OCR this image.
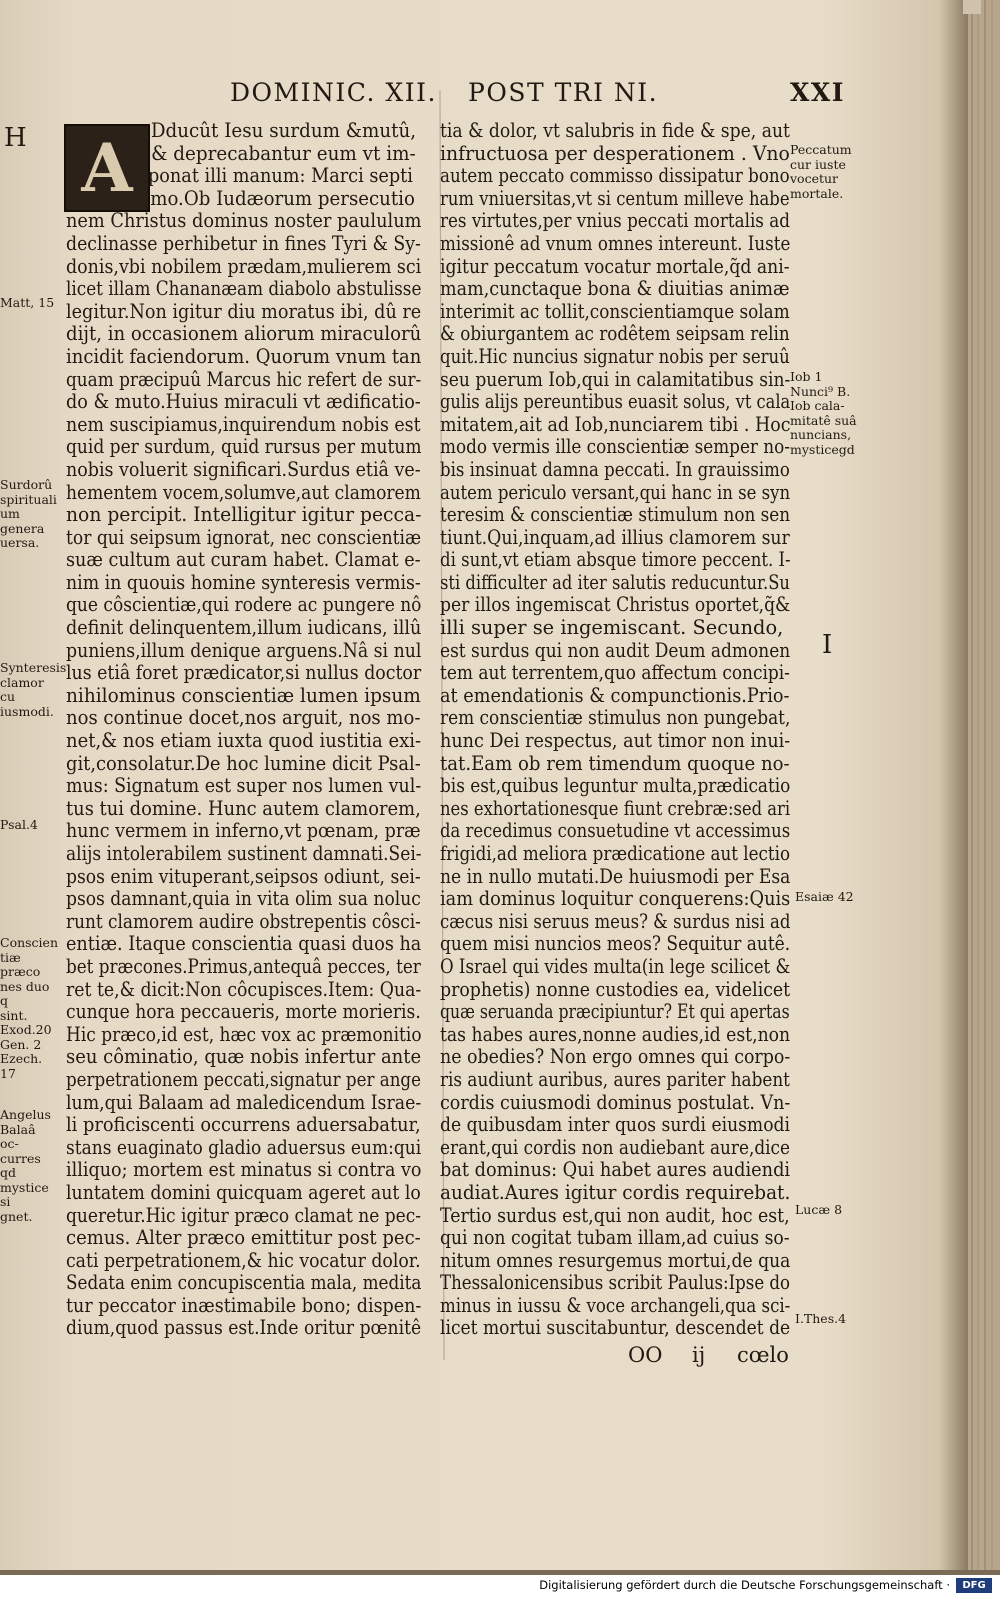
DOMINIC. XII. POST TRI NI.	XXI
H A Dducût Iesu surdum &mutû,
& deprecabantur eum vt im-
ponat illi manum: Marci septi
mo.Ob Iudæorum persecutio
nem Christus dominus noster paululum
declinasse perhibetur in fines Tyri & Sy-
donis,vbi nobilem prædam,mulierem sci
licet illam Chananæam diabolo abstulisse
legitur.Non igitur diu moratus ibi, dû re
dijt, in occasionem aliorum miraculorû
incidit faciendorum. Quorum vnum tan
quam præcipuû Marcus hic refert de sur-
do & muto.Huius miraculi vt ædificatio-
nem suscipiamus,inquirendum nobis est
quid per surdum, quid rursus per mutum
nobis voluerit significari.Surdus etiâ ve-
hementem vocem,solumve,aut clamorem
non percipit. Intelligitur igitur pecca-
tor qui seipsum ignorat, nec conscientiæ
suæ cultum aut curam habet. Clamat e-
nim in quouis homine synteresis vermis-
que côscientiæ,qui rodere ac pungere nô
definit delinquentem,illum iudicans, illû
puniens,illum denique arguens.Nâ si nul
lus etiâ foret prædicator,si nullus doctor
nihilominus conscientiæ lumen ipsum
nos continue docet,nos arguit, nos mo-
net,& nos etiam iuxta quod iustitia exi-
git,consolatur.De hoc lumine dicit Psal-
mus: Signatum est super nos lumen vul-
tus tui domine. Hunc autem clamorem,
hunc vermem in inferno,vt pœnam, præ
alijs intolerabilem sustinent damnati.Sei-
psos enim vituperant,seipsos odiunt, sei-
psos damnant,quia in vita olim sua noluc
runt clamorem audire obstrepentis côsci-
entiæ. Itaque conscientia quasi duos ha
bet præcones.Primus,antequâ pecces, ter
ret te,& dicit:Non côcupisces.Item: Qua-
cunque hora peccaueris, morte morieris.
Hic præco,id est, hæc vox ac præmonitio
seu côminatio, quæ nobis infertur ante
perpetrationem peccati,signatur per ange
lum,qui Balaam ad maledicendum Israe-
li proficiscenti occurrens aduersabatur,
stans euaginato gladio aduersus eum:qui
illiquo; mortem est minatus si contra vo
luntatem domini quicquam ageret aut lo
queretur.Hic igitur præco clamat ne pec-
cemus. Alter præco emittitur post pec-
cati perpetrationem,& hic vocatur dolor.
Sedata enim concupiscentia mala, medita
tur peccator inæstimabile bono; dispen-
dium,quod passus est.Inde oritur pœnitê
tia & dolor, vt salubris in fide & spe, aut
infructuosa per desperationem . Vno
autem peccato commisso dissipatur bono
rum vniuersitas,vt si centum milleve habe
res virtutes,per vnius peccati mortalis ad
missionê ad vnum omnes intereunt. Iuste
igitur peccatum vocatur mortale,q̃d ani-
mam,cunctaque bona & diuitias animæ
interimit ac tollit,conscientiamque solam
& obiurgantem ac rodêtem seipsam relin
quit.Hic nuncius signatur nobis per seruû
seu puerum Iob,qui in calamitatibus sin-
gulis alijs pereuntibus euasit solus, vt cala
mitatem,ait ad Iob,nunciarem tibi . Hoc
modo vermis ille conscientiæ semper no-
bis insinuat damna peccati. In grauissimo
autem periculo versant,qui hanc in se syn
teresim & conscientiæ stimulum non sen
tiunt.Qui,inquam,ad illius clamorem sur
di sunt,vt etiam absque timore peccent. I-
sti difficulter ad iter salutis reducuntur.Su
per illos ingemiscat Christus oportet,q̃&
illi super se ingemiscant. Secundo,
est surdus qui non audit Deum admonen
tem aut terrentem,quo affectum concipi-
at emendationis & compunctionis.Prio-
rem conscientiæ stimulus non pungebat,
hunc Dei respectus, aut timor non inui-
tat.Eam ob rem timendum quoque no-
bis est,quibus leguntur multa,prædicatio
nes exhortationesque fiunt crebræ:sed ari
da recedimus consuetudine vt accessimus
frigidi,ad meliora prædicatione aut lectio
ne in nullo mutati.De huiusmodi per Esa
iam dominus loquitur conquerens:Quis
cæcus nisi seruus meus? & surdus nisi ad
quem misi nuncios meos? Sequitur autê.
O Israel qui vides multa(in lege scilicet &
prophetis) nonne custodies ea, videlicet
quæ seruanda præcipiuntur? Et qui apertas
tas habes aures,nonne audies,id est,non
ne obedies? Non ergo omnes qui corpo-
ris audiunt auribus, aures pariter habent
cordis cuiusmodi dominus postulat. Vn-
de quibusdam inter quos surdi eiusmodi
erant,qui cordis non audiebant aure,dice
bat dominus: Qui habet aures audiendi
audiat.Aures igitur cordis requirebat.
Tertio surdus est,qui non audit, hoc est,
qui non cogitat tubam illam,ad cuius so-
nitum omnes resurgemus mortui,de qua
Thessalonicensibus scribit Paulus:Ipse do
minus in iussu & voce archangeli,qua sci-
licet mortui suscitabuntur, descendet de
Peccatum
cur iuste
vocetur
mortale.
Iob 1
Nunci⁹ B.
Iob cala-
mitatê suâ
nuncians,
mysticegd
I
Esaiæ 42
Lucæ 8
I.Thes.4
Matt, 15
Surdorû
spirituali
um genera
uersa.
Synteresis
clamor cu
iusmodi.
Psal.4
Conscien
tiæ præco
nes duo q
sint.
Exod.20
Gen. 2
Ezech. 17
Angelus
Balaâ oc-
curres qd
mystice si
gnet.
OO ij cœlo
Digitalisierung gefördert durch die Deutsche Forschungsgemeinschaft ·	DFG
